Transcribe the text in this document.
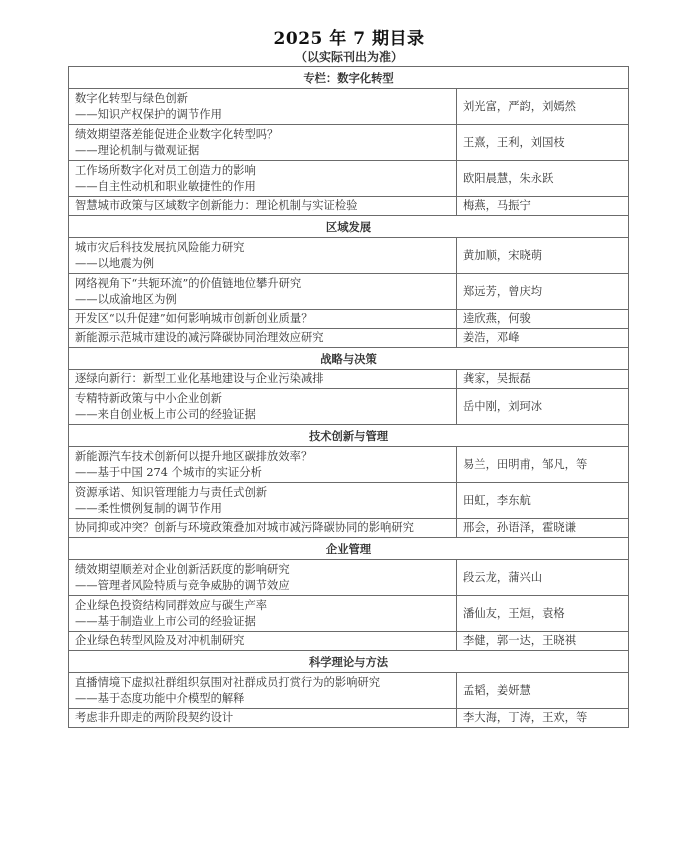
2025 年 7 期目录
（以实际刊出为准）
专栏：数字化转型	

数字化转型与绿色创新
——知识产权保护的调节作用	刘光富，严韵，刘嫣然

绩效期望落差能促进企业数字化转型吗？
——理论机制与微观证据	王熹，王利，刘国枝

工作场所数字化对员工创造力的影响
——自主性动机和职业敏捷性的作用	欧阳晨慧，朱永跃

智慧城市政策与区域数字创新能力：理论机制与实证检验	梅燕，马振宁
区域发展	

城市灾后科技发展抗风险能力研究
——以地震为例	黄加顺，宋晓萌

网络视角下“共轭环流”的价值链地位攀升研究
——以成渝地区为例	郑远芳，曾庆均

开发区“以升促建”如何影响城市创新创业质量？	逵欣燕，何骏

新能源示范城市建设的减污降碳协同治理效应研究	姜浩，邓峰
战略与决策	

逐绿向新行：新型工业化基地建设与企业污染减排	龚家，吴振磊

专精特新政策与中小企业创新
——来自创业板上市公司的经验证据	岳中刚，刘珂冰
技术创新与管理	

新能源汽车技术创新何以提升地区碳排放效率？
——基于中国 274 个城市的实证分析	易兰，田明甫，邹凡，等

资源承诺、知识管理能力与责任式创新
——柔性惯例复制的调节作用	田虹，李东航

协同抑或冲突？创新与环境政策叠加对城市减污降碳协同的影响研究	邢会，孙语泽，霍晓谦
企业管理	

绩效期望顺差对企业创新活跃度的影响研究
——管理者风险特质与竞争威胁的调节效应	段云龙，蒲兴山

企业绿色投资结构同群效应与碳生产率
——基于制造业上市公司的经验证据	潘仙友，王烜，袁格

企业绿色转型风险及对冲机制研究	李健，郭一达，王晓祺
科学理论与方法	

直播情境下虚拟社群组织氛围对社群成员打赏行为的影响研究
——基于态度功能中介模型的解释	孟韬，姜妍慧

考虑非升即走的两阶段契约设计	李大海，丁涛，王欢，等
